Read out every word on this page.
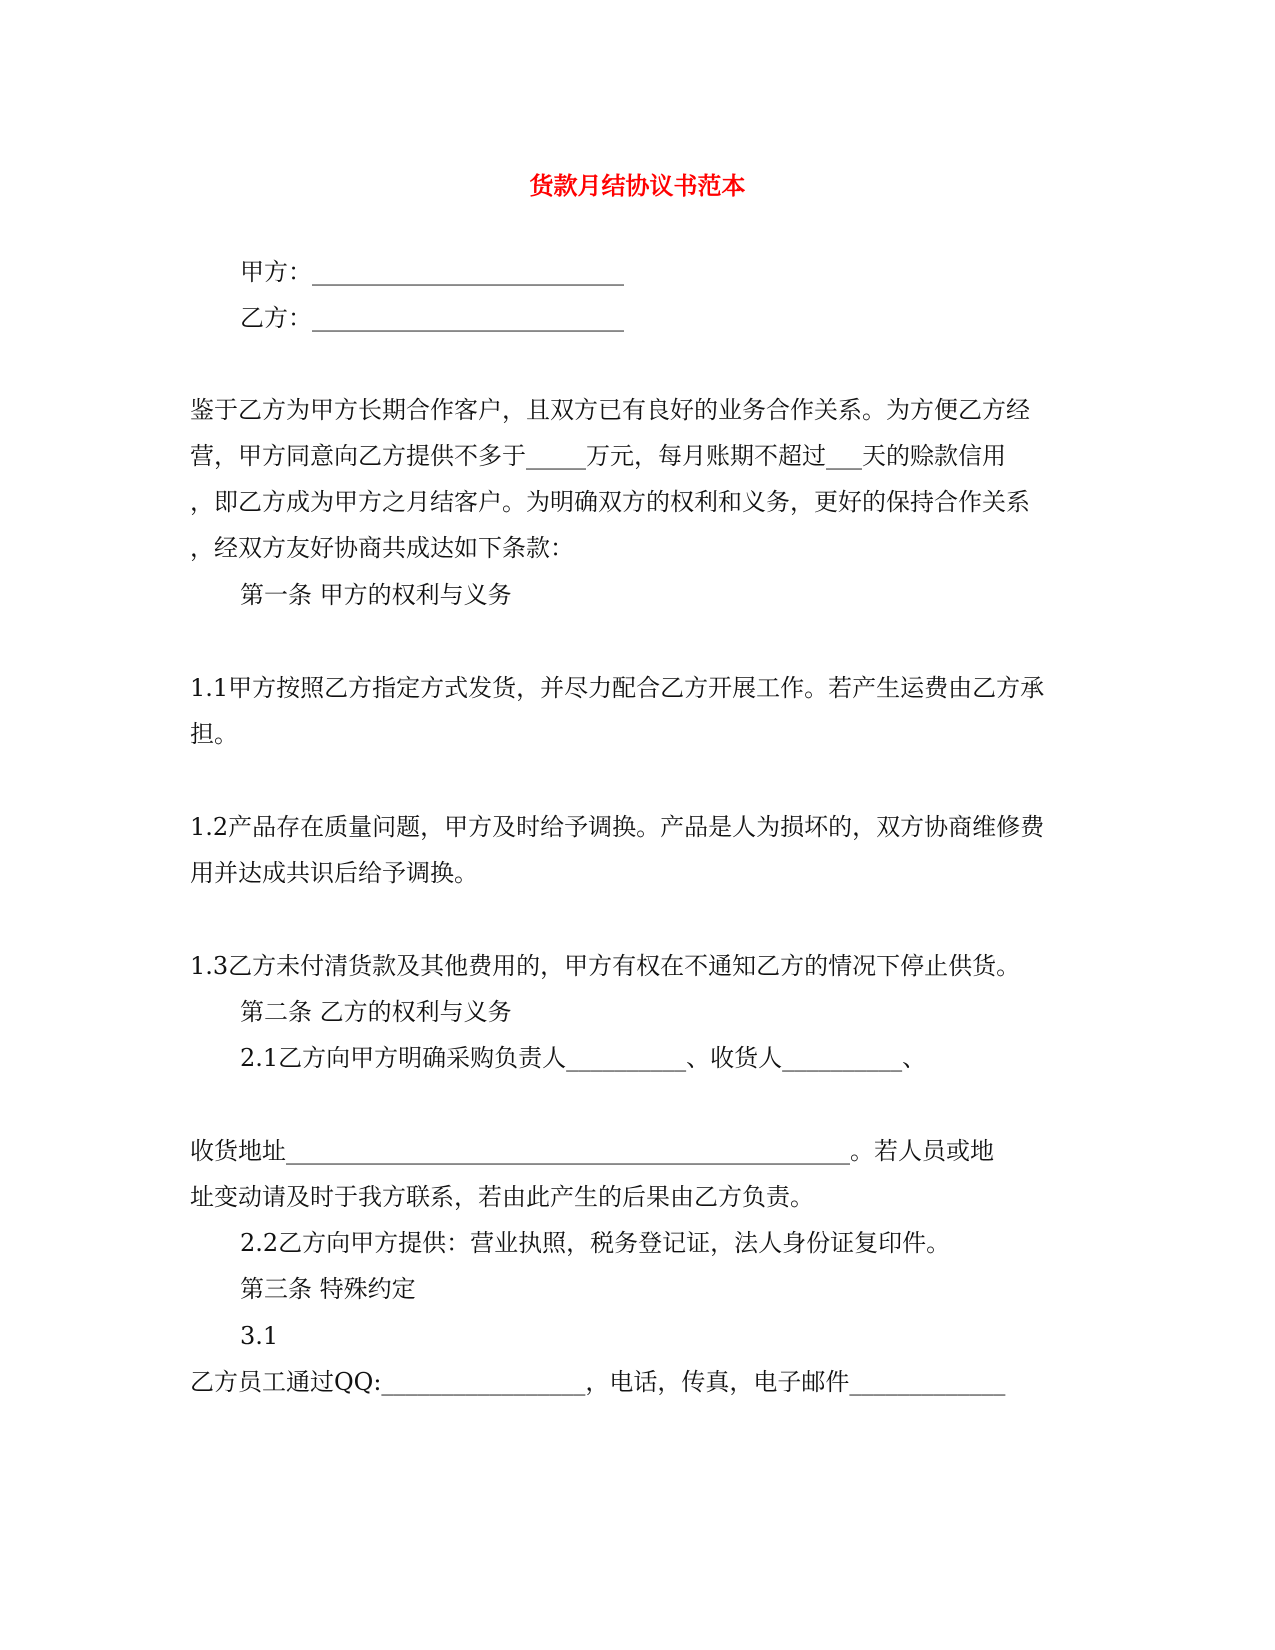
货款月结协议书范本
甲方：__________________________
乙方：__________________________
鉴于乙方为甲方长期合作客户，且双方已有良好的业务合作关系。为方便乙方经
营，甲方同意向乙方提供不多于_____万元，每月账期不超过___天的赊款信用
，即乙方成为甲方之月结客户。为明确双方的权利和义务，更好的保持合作关系
，经双方友好协商共成达如下条款：
第一条 甲方的权利与义务
1.1甲方按照乙方指定方式发货，并尽力配合乙方开展工作。若产生运费由乙方承
担。
1.2产品存在质量问题，甲方及时给予调换。产品是人为损坏的，双方协商维修费
用并达成共识后给予调换。
1.3乙方未付清货款及其他费用的，甲方有权在不通知乙方的情况下停止供货。
第二条 乙方的权利与义务
2.1乙方向甲方明确采购负责人__________、收货人__________、
收货地址_______________________________________________。若人员或地
址变动请及时于我方联系，若由此产生的后果由乙方负责。
2.2乙方向甲方提供：营业执照，税务登记证，法人身份证复印件。
第三条 特殊约定
3.1
乙方员工通过QQ:_________________，电话，传真，电子邮件_____________
